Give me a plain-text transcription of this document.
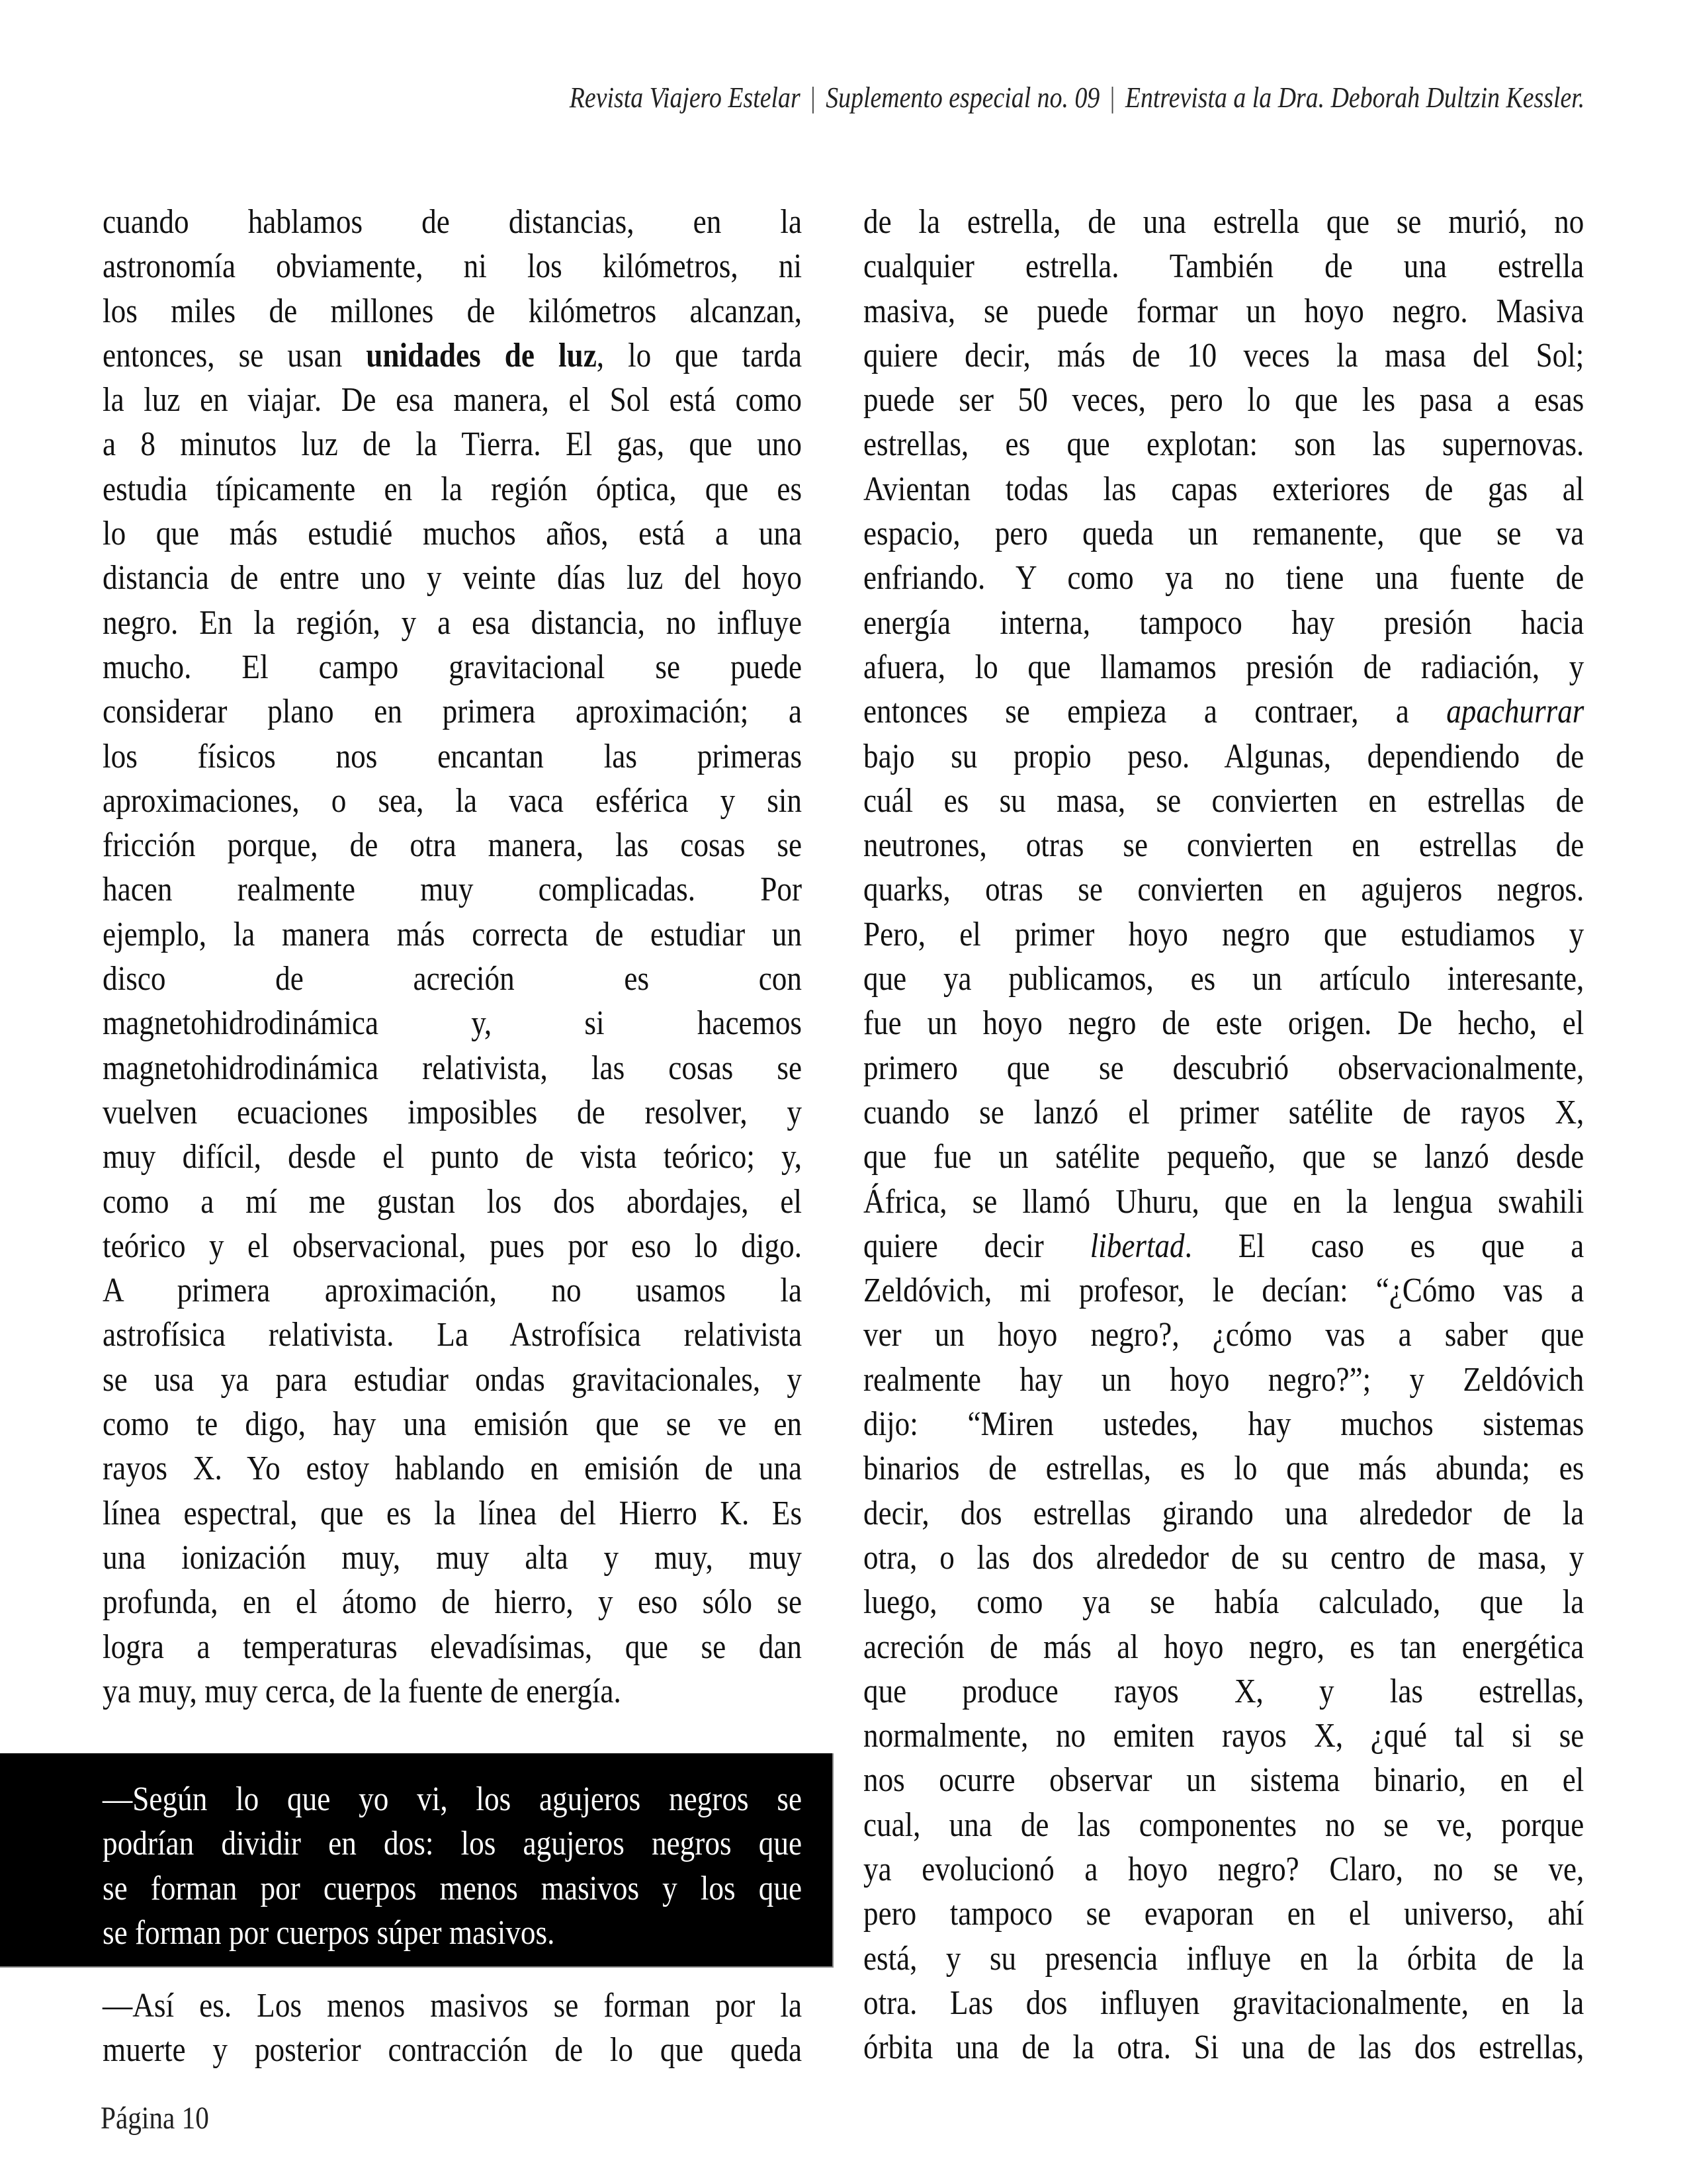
Revista Viajero Estelar | Suplemento especial no. 09 | Entrevista a la Dra. Deborah Dultzin Kessler.
cuando hablamos de distancias, en la
astronomía obviamente, ni los kilómetros, ni
los miles de millones de kilómetros alcanzan,
entonces, se usan unidades de luz, lo que tarda
la luz en viajar. De esa manera, el Sol está como
a 8 minutos luz de la Tierra. El gas, que uno
estudia típicamente en la región óptica, que es
lo que más estudié muchos años, está a una
distancia de entre uno y veinte días luz del hoyo
negro. En la región, y a esa distancia, no influye
mucho. El campo gravitacional se puede
considerar plano en primera aproximación; a
los físicos nos encantan las primeras
aproximaciones, o sea, la vaca esférica y sin
fricción porque, de otra manera, las cosas se
hacen realmente muy complicadas. Por
ejemplo, la manera más correcta de estudiar un
disco de acreción es con
magnetohidrodinámica y, si hacemos
magnetohidrodinámica relativista, las cosas se
vuelven ecuaciones imposibles de resolver, y
muy difícil, desde el punto de vista teórico; y,
como a mí me gustan los dos abordajes, el
teórico y el observacional, pues por eso lo digo.
A primera aproximación, no usamos la
astrofísica relativista. La Astrofísica relativista
se usa ya para estudiar ondas gravitacionales, y
como te digo, hay una emisión que se ve en
rayos X. Yo estoy hablando en emisión de una
línea espectral, que es la línea del Hierro K. Es
una ionización muy, muy alta y muy, muy
profunda, en el átomo de hierro, y eso sólo se
logra a temperaturas elevadísimas, que se dan
ya muy, muy cerca, de la fuente de energía.
—Según lo que yo vi, los agujeros negros se
podrían dividir en dos: los agujeros negros que
se forman por cuerpos menos masivos y los que
se forman por cuerpos súper masivos.
—Así es. Los menos masivos se forman por la
muerte y posterior contracción de lo que queda
de la estrella, de una estrella que se murió, no
cualquier estrella. También de una estrella
masiva, se puede formar un hoyo negro. Masiva
quiere decir, más de 10 veces la masa del Sol;
puede ser 50 veces, pero lo que les pasa a esas
estrellas, es que explotan: son las supernovas.
Avientan todas las capas exteriores de gas al
espacio, pero queda un remanente, que se va
enfriando. Y como ya no tiene una fuente de
energía interna, tampoco hay presión hacia
afuera, lo que llamamos presión de radiación, y
entonces se empieza a contraer, a apachurrar
bajo su propio peso. Algunas, dependiendo de
cuál es su masa, se convierten en estrellas de
neutrones, otras se convierten en estrellas de
quarks, otras se convierten en agujeros negros.
Pero, el primer hoyo negro que estudiamos y
que ya publicamos, es un artículo interesante,
fue un hoyo negro de este origen. De hecho, el
primero que se descubrió observacionalmente,
cuando se lanzó el primer satélite de rayos X,
que fue un satélite pequeño, que se lanzó desde
África, se llamó Uhuru, que en la lengua swahili
quiere decir libertad. El caso es que a
Zeldóvich, mi profesor, le decían: “¿Cómo vas a
ver un hoyo negro?, ¿cómo vas a saber que
realmente hay un hoyo negro?”; y Zeldóvich
dijo: “Miren ustedes, hay muchos sistemas
binarios de estrellas, es lo que más abunda; es
decir, dos estrellas girando una alrededor de la
otra, o las dos alrededor de su centro de masa, y
luego, como ya se había calculado, que la
acreción de más al hoyo negro, es tan energética
que produce rayos X, y las estrellas,
normalmente, no emiten rayos X, ¿qué tal si se
nos ocurre observar un sistema binario, en el
cual, una de las componentes no se ve, porque
ya evolucionó a hoyo negro? Claro, no se ve,
pero tampoco se evaporan en el universo, ahí
está, y su presencia influye en la órbita de la
otra. Las dos influyen gravitacionalmente, en la
órbita una de la otra. Si una de las dos estrellas,
Página 10
